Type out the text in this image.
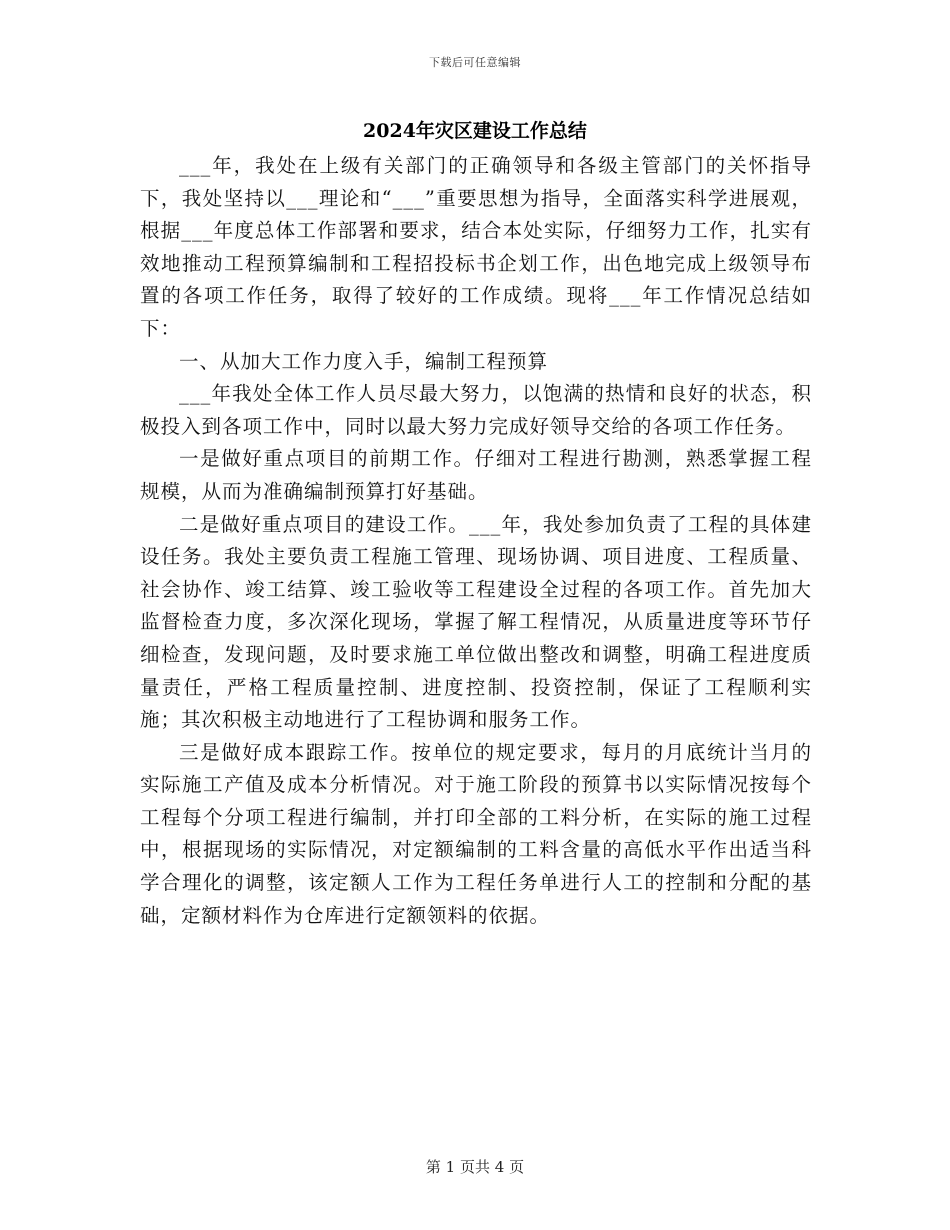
下载后可任意编辑
2024年灾区建设工作总结

___年，我处在上级有关部门的正确领导和各级主管部门的关怀指导下，我处坚持以___理论和“___”重要思想为指导，全面落实科学进展观，根据___年度总体工作部署和要求，结合本处实际，仔细努力工作，扎实有效地推动工程预算编制和工程招投标书企划工作，出色地完成上级领导布置的各项工作任务，取得了较好的工作成绩。现将___年工作情况总结如下：

一、从加大工作力度入手，编制工程预算

___年我处全体工作人员尽最大努力，以饱满的热情和良好的状态，积极投入到各项工作中，同时以最大努力完成好领导交给的各项工作任务。

一是做好重点项目的前期工作。仔细对工程进行勘测，熟悉掌握工程规模，从而为准确编制预算打好基础。

二是做好重点项目的建设工作。___年，我处参加负责了工程的具体建设任务。我处主要负责工程施工管理、现场协调、项目进度、工程质量、社会协作、竣工结算、竣工验收等工程建设全过程的各项工作。首先加大监督检查力度，多次深化现场，掌握了解工程情况，从质量进度等环节仔细检查，发现问题，及时要求施工单位做出整改和调整，明确工程进度质量责任，严格工程质量控制、进度控制、投资控制，保证了工程顺利实施；其次积极主动地进行了工程协调和服务工作。

三是做好成本跟踪工作。按单位的规定要求，每月的月底统计当月的实际施工产值及成本分析情况。对于施工阶段的预算书以实际情况按每个工程每个分项工程进行编制，并打印全部的工料分析，在实际的施工过程中，根据现场的实际情况，对定额编制的工料含量的高低水平作出适当科学合理化的调整，该定额人工作为工程任务单进行人工的控制和分配的基础，定额材料作为仓库进行定额领料的依据。

第 1 页共 4 页
